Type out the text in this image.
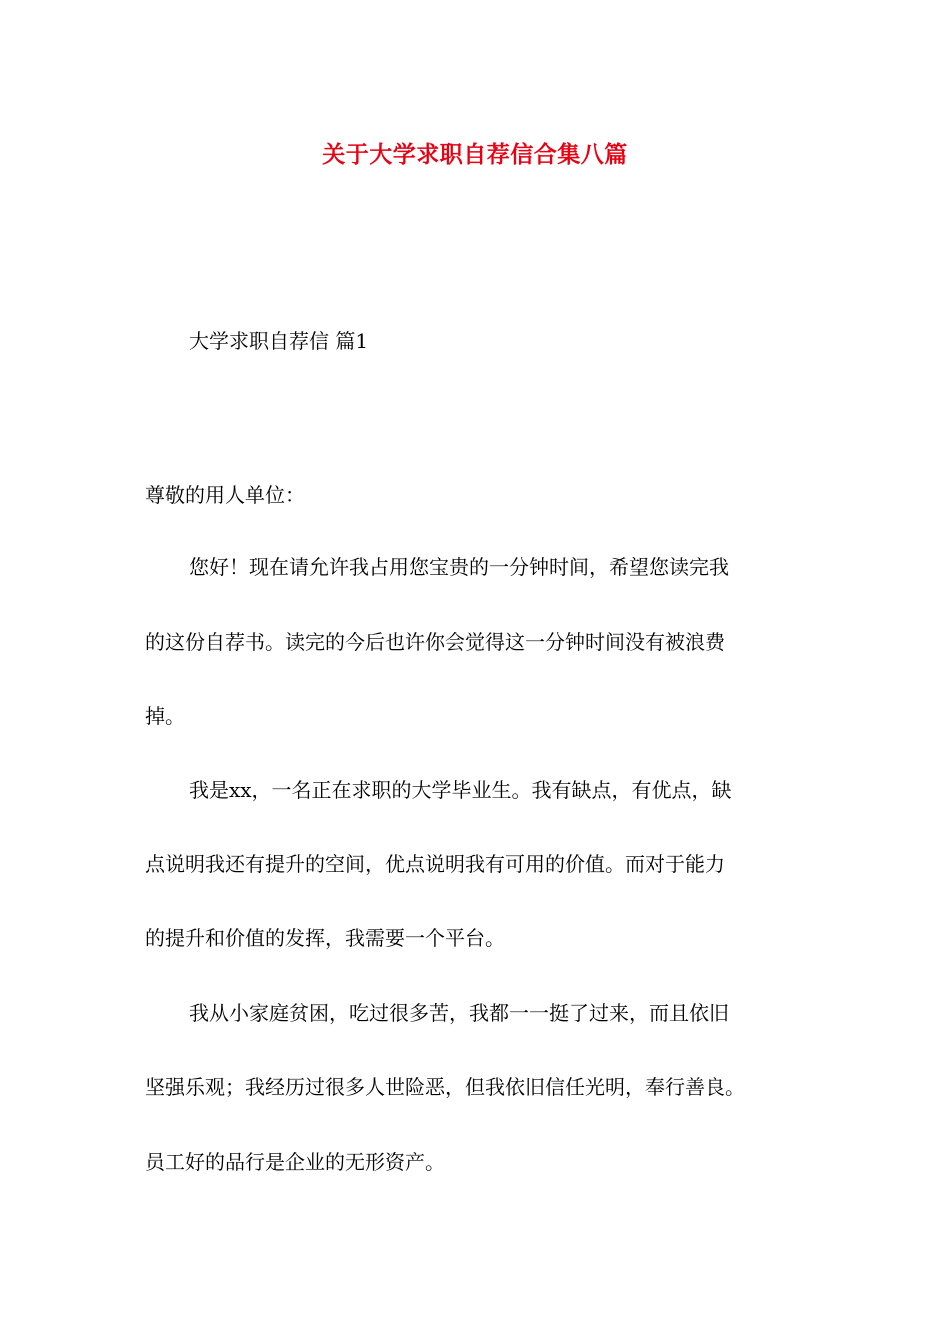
关于大学求职自荐信合集八篇
大学求职自荐信 篇1
尊敬的用人单位：
您好！现在请允许我占用您宝贵的一分钟时间，希望您读完我
的这份自荐书。读完的今后也许你会觉得这一分钟时间没有被浪费
掉。
我是xx，一名正在求职的大学毕业生。我有缺点，有优点，缺
点说明我还有提升的空间，优点说明我有可用的价值。而对于能力
的提升和价值的发挥，我需要一个平台。
我从小家庭贫困，吃过很多苦，我都一一挺了过来，而且依旧
坚强乐观；我经历过很多人世险恶，但我依旧信任光明，奉行善良。
员工好的品行是企业的无形资产。
